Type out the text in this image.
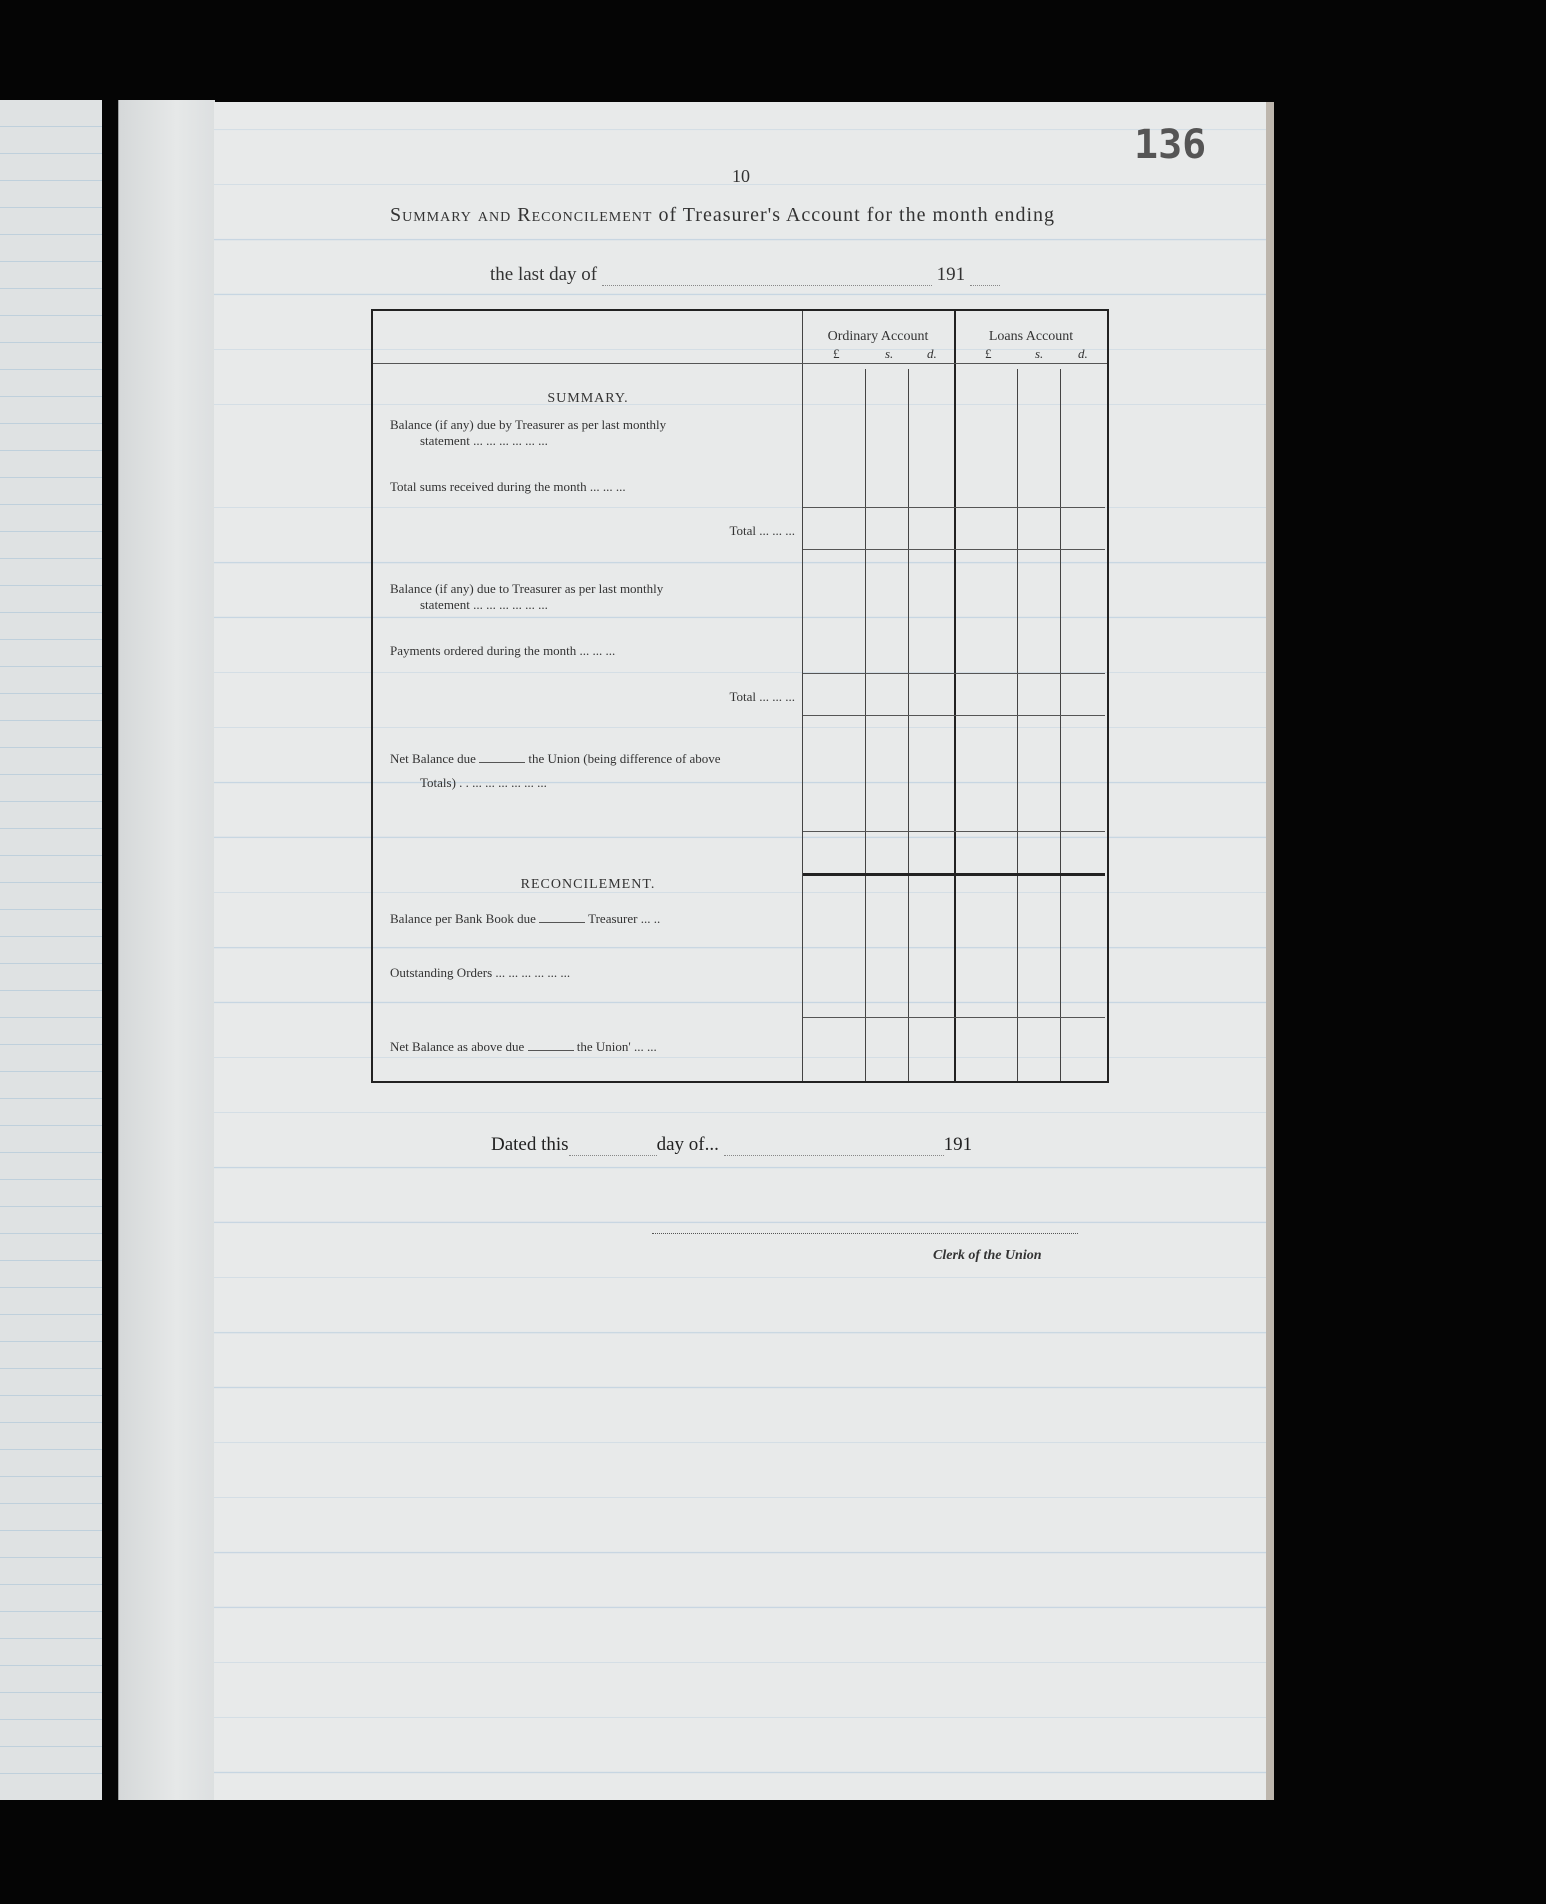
136
10
Summary and Reconcilement of Treasurer's Account for the month ending
the last day of	191
Ordinary Account	Loans Account
£	s.	d.	£	s.	d.
SUMMARY.
Balance (if any) due by Treasurer as per last monthly
statement ... ... ... ... ... ...
Total sums received during the month ... ... ...
Total ... ... ...
Balance (if any) due to Treasurer as per last monthly
statement ... ... ... ... ... ...
Payments ordered during the month ... ... ...
Total ... ... ...
Net Balance due	the Union (being difference of above
Totals) . . ... ... ... ... ... ...
RECONCILEMENT.
Balance per Bank Book due	Treasurer ... ..
Outstanding Orders ... ... ... ... ... ...
Net Balance as above due	the Union' ... ...
Dated this	day of...	191
Clerk of the Union
